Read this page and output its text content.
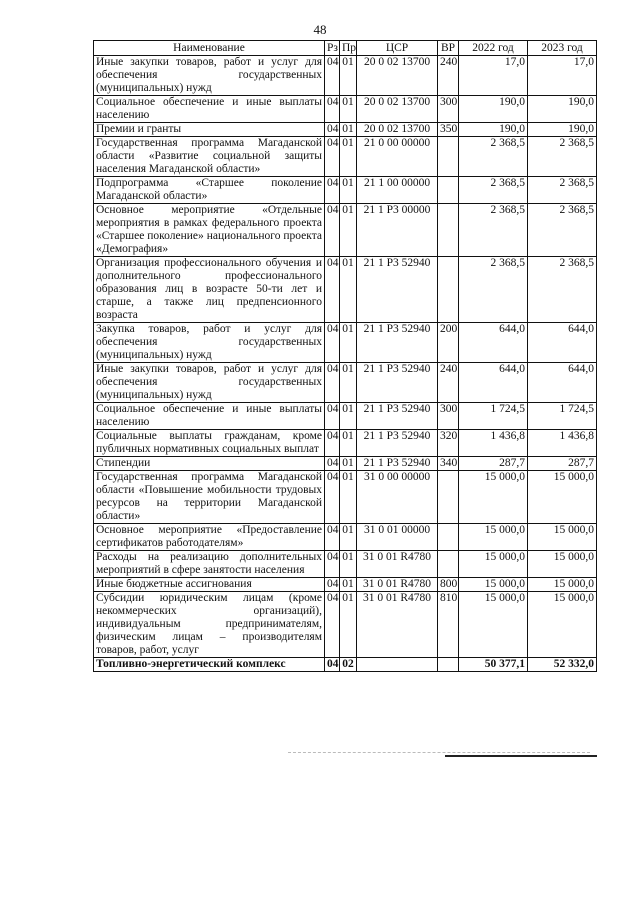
48
Наименование	Рз	Пр	ЦСР	ВР	2022 год	2023 год
Иные закупки товаров, работ и услуг для обеспечения государственных (муниципальных) нужд	04	01	20 0 02 13700	240	17,0	17,0
Социальное обеспечение и иные выплаты населению	04	01	20 0 02 13700	300	190,0	190,0
Премии и гранты	04	01	20 0 02 13700	350	190,0	190,0
Государственная программа Магаданской области «Развитие социальной защиты населения Магаданской области»	04	01	21 0 00 00000		2 368,5	2 368,5
Подпрограмма «Старшее поколение Магаданской области»	04	01	21 1 00 00000		2 368,5	2 368,5
Основное мероприятие «Отдельные мероприятия в рамках федерального проекта «Старшее поколение» национального проекта «Демография»	04	01	21 1 P3 00000		2 368,5	2 368,5
Организация профессионального обучения и дополнительного профессионального образования лиц в возрасте 50-ти лет и старше, а также лиц предпенсионного возраста	04	01	21 1 P3 52940		2 368,5	2 368,5
Закупка товаров, работ и услуг для обеспечения государственных (муниципальных) нужд	04	01	21 1 P3 52940	200	644,0	644,0
Иные закупки товаров, работ и услуг для обеспечения государственных (муниципальных) нужд	04	01	21 1 P3 52940	240	644,0	644,0
Социальное обеспечение и иные выплаты населению	04	01	21 1 P3 52940	300	1 724,5	1 724,5
Социальные выплаты гражданам, кроме публичных нормативных социальных выплат	04	01	21 1 P3 52940	320	1 436,8	1 436,8
Стипендии	04	01	21 1 P3 52940	340	287,7	287,7
Государственная программа Магаданской области «Повышение мобильности трудовых ресурсов на территории Магаданской области»	04	01	31 0 00 00000		15 000,0	15 000,0
Основное мероприятие «Предоставление сертификатов работодателям»	04	01	31 0 01 00000		15 000,0	15 000,0
Расходы на реализацию дополнительных мероприятий в сфере занятости населения	04	01	31 0 01 R4780		15 000,0	15 000,0
Иные бюджетные ассигнования	04	01	31 0 01 R4780	800	15 000,0	15 000,0
Субсидии юридическим лицам (кроме некоммерческих организаций), индивидуальным предпринимателям, физическим лицам – производителям товаров, работ, услуг	04	01	31 0 01 R4780	810	15 000,0	15 000,0
Топливно-энергетический комплекс	04	02			50 377,1	52 332,0
